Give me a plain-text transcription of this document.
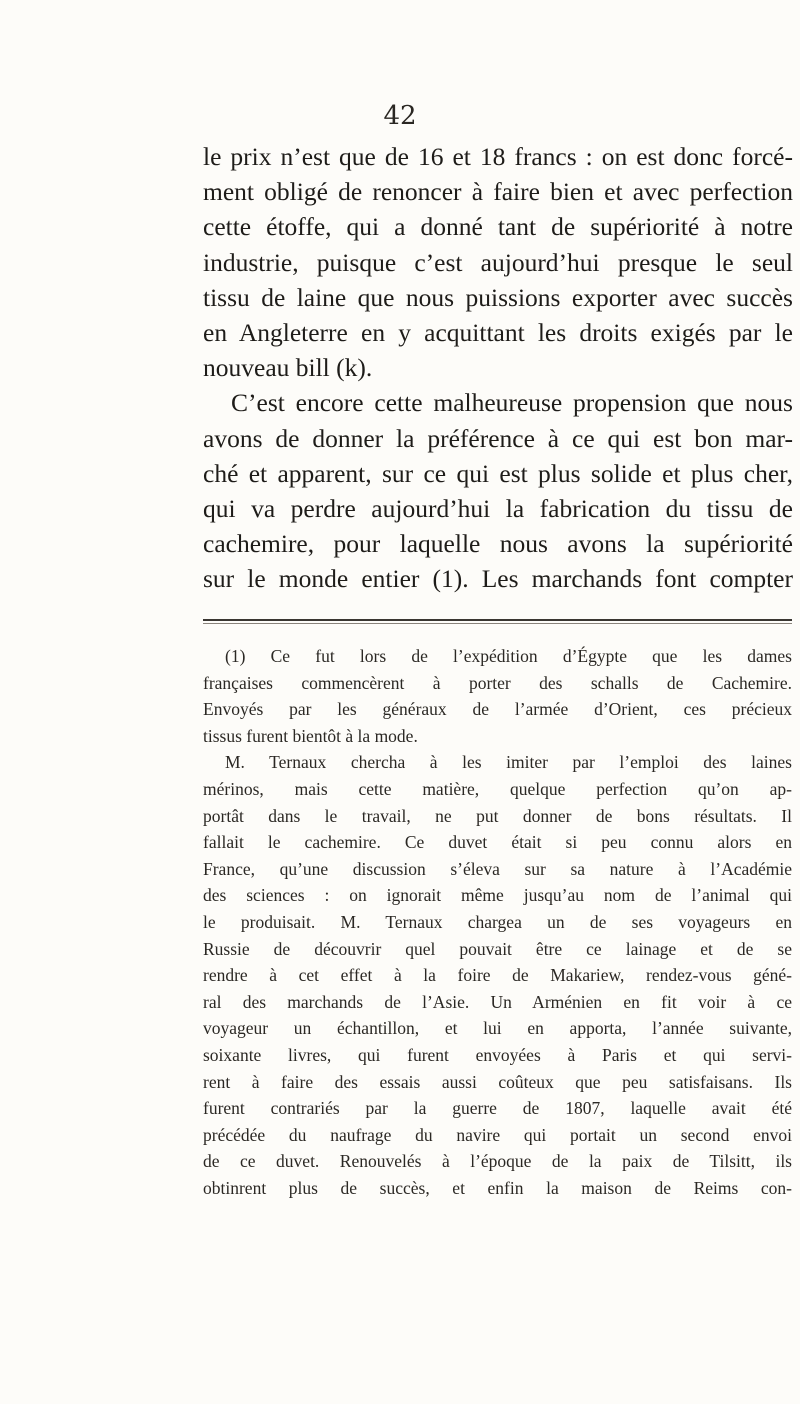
42
le prix n’est que de 16 et 18 francs : on est donc forcé-
ment obligé de renoncer à faire bien et avec perfection
cette étoffe, qui a donné tant de supériorité à notre
industrie, puisque c’est aujourd’hui presque le seul
tissu de laine que nous puissions exporter avec succès
en Angleterre en y acquittant les droits exigés par le
nouveau bill (k).
C’est encore cette malheureuse propension que nous
avons de donner la préférence à ce qui est bon mar-
ché et apparent, sur ce qui est plus solide et plus cher,
qui va perdre aujourd’hui la fabrication du tissu de
cachemire, pour laquelle nous avons la supériorité
sur le monde entier (1). Les marchands font compter
(1) Ce fut lors de l’expédition d’Égypte que les dames
françaises commencèrent à porter des schalls de Cachemire.
Envoyés par les généraux de l’armée d’Orient, ces précieux
tissus furent bientôt à la mode.
M. Ternaux chercha à les imiter par l’emploi des laines
mérinos, mais cette matière, quelque perfection qu’on ap-
portât dans le travail, ne put donner de bons résultats. Il
fallait le cachemire. Ce duvet était si peu connu alors en
France, qu’une discussion s’éleva sur sa nature à l’Académie
des sciences : on ignorait même jusqu’au nom de l’animal qui
le produisait. M. Ternaux chargea un de ses voyageurs en
Russie de découvrir quel pouvait être ce lainage et de se
rendre à cet effet à la foire de Makariew, rendez-vous géné-
ral des marchands de l’Asie. Un Arménien en fit voir à ce
voyageur un échantillon, et lui en apporta, l’année suivante,
soixante livres, qui furent envoyées à Paris et qui servi-
rent à faire des essais aussi coûteux que peu satisfaisans. Ils
furent contrariés par la guerre de 1807, laquelle avait été
précédée du naufrage du navire qui portait un second envoi
de ce duvet. Renouvelés à l’époque de la paix de Tilsitt, ils
obtinrent plus de succès, et enfin la maison de Reims con-
